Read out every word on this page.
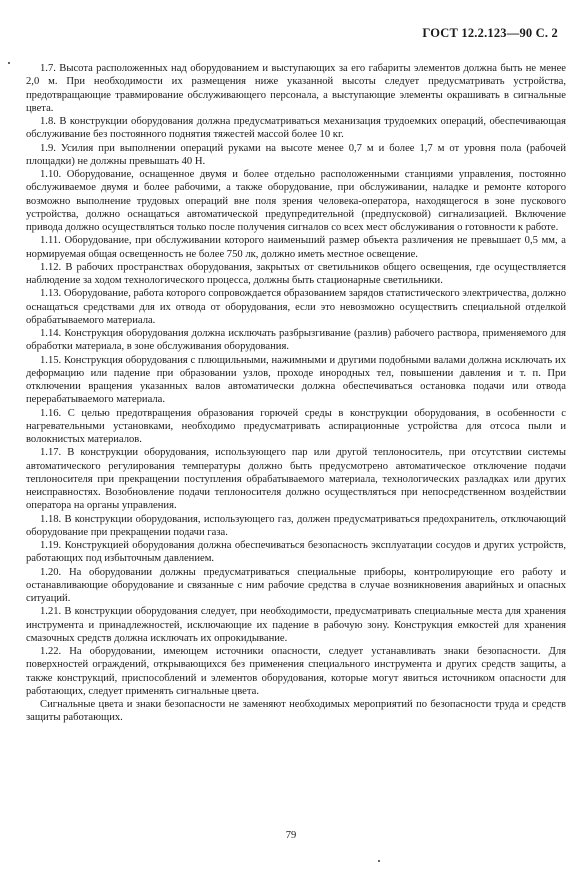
ГОСТ 12.2.123—90 С. 2

1.7. Высота расположенных над оборудованием и выступающих за его габариты элементов должна быть не менее 2,0 м. При необходимости их размещения ниже указанной высоты следует предусматривать устройства, предотвращающие травмирование обслуживающего персонала, а выступающие элементы окрашивать в сигнальные цвета.

1.8. В конструкции оборудования должна предусматриваться механизация трудоемких операций, обеспечивающая обслуживание без постоянного поднятия тяжестей массой более 10 кг.

1.9. Усилия при выполнении операций руками на высоте менее 0,7 м и более 1,7 м от уровня пола (рабочей площадки) не должны превышать 40 Н.

1.10. Оборудование, оснащенное двумя и более отдельно расположенными станциями управления, постоянно обслуживаемое двумя и более рабочими, а также оборудование, при обслуживании, наладке и ремонте которого возможно выполнение трудовых операций вне поля зрения человека-оператора, находящегося в зоне пускового устройства, должно оснащаться автоматической предупредительной (предпусковой) сигнализацией. Включение привода должно осуществляться только после получения сигналов со всех мест обслуживания о готовности к работе.

1.11. Оборудование, при обслуживании которого наименьший размер объекта различения не превышает 0,5 мм, а нормируемая общая освещенность не более 750 лк, должно иметь местное освещение.

1.12. В рабочих пространствах оборудования, закрытых от светильников общего освещения, где осуществляется наблюдение за ходом технологического процесса, должны быть стационарные светильники.

1.13. Оборудование, работа которого сопровождается образованием зарядов статистического электричества, должно оснащаться средствами для их отвода от оборудования, если это невозможно осуществить специальной отделкой обрабатываемого материала.

1.14. Конструкция оборудования должна исключать разбрызгивание (разлив) рабочего раствора, применяемого для обработки материала, в зоне обслуживания оборудования.

1.15. Конструкция оборудования с плющильными, нажимными и другими подобными валами должна исключать их деформацию или падение при образовании узлов, проходе инородных тел, повышении давления и т. п. При отключении вращения указанных валов автоматически должна обеспечиваться остановка подачи или отвода перерабатываемого материала.

1.16. С целью предотвращения образования горючей среды в конструкции оборудования, в особенности с нагревательными установками, необходимо предусматривать аспирационные устройства для отсоса пыли и волокнистых материалов.

1.17. В конструкции оборудования, использующего пар или другой теплоноситель, при отсутствии системы автоматического регулирования температуры должно быть предусмотрено автоматическое отключение подачи теплоносителя при прекращении поступления обрабатываемого материала, технологических разладках или других неисправностях. Возобновление подачи теплоносителя должно осуществляться при непосредственном воздействии оператора на органы управления.

1.18. В конструкции оборудования, использующего газ, должен предусматриваться предохранитель, отключающий оборудование при прекращении подачи газа.

1.19. Конструкцией оборудования должна обеспечиваться безопасность эксплуатации сосудов и других устройств, работающих под избыточным давлением.

1.20. На оборудовании должны предусматриваться специальные приборы, контролирующие его работу и останавливающие оборудование и связанные с ним рабочие средства в случае возникновения аварийных и опасных ситуаций.

1.21. В конструкции оборудования следует, при необходимости, предусматривать специальные места для хранения инструмента и принадлежностей, исключающие их падение в рабочую зону. Конструкция емкостей для хранения смазочных средств должна исключать их опрокидывание.

1.22. На оборудовании, имеющем источники опасности, следует устанавливать знаки безопасности. Для поверхностей ограждений, открывающихся без применения специального инструмента и других средств защиты, а также конструкций, приспособлений и элементов оборудования, которые могут явиться источником опасности для работающих, следует применять сигнальные цвета.

Сигнальные цвета и знаки безопасности не заменяют необходимых мероприятий по безопасности труда и средств защиты работающих.

79
